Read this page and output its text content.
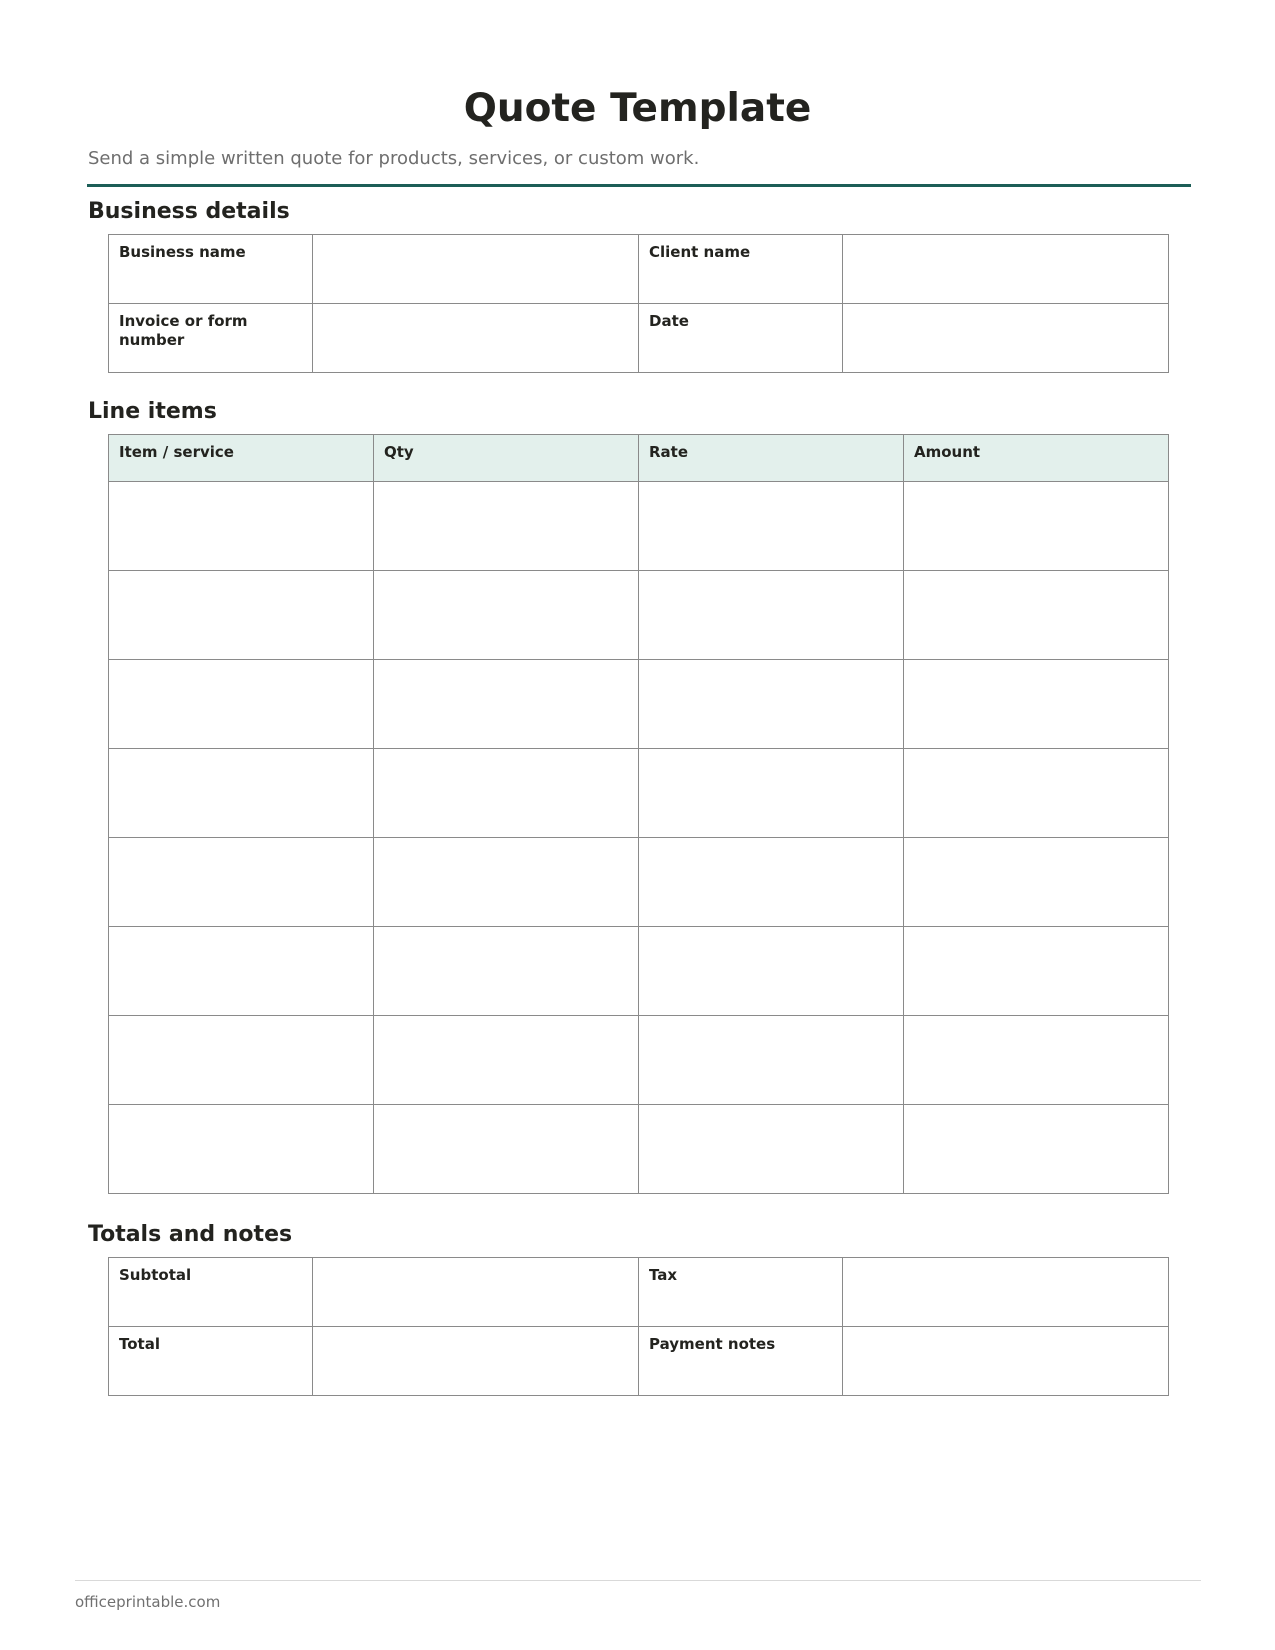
Quote Template
Send a simple written quote for products, services, or custom work.
Business details
Business name		Client name	
Invoice or form number		Date	
Line items
Item / service	Qty	Rate	Amount

Totals and notes
Subtotal		Tax	
Total		Payment notes	
officeprintable.com
